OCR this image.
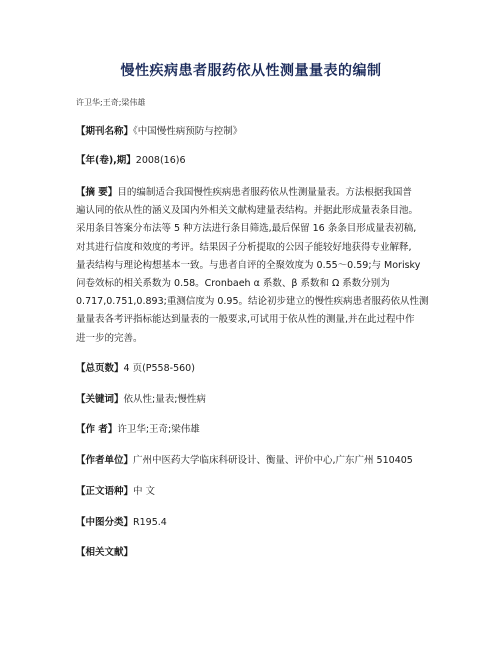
慢性疾病患者服药依从性测量量表的编制
许卫华;王奇;梁伟雄
【期刊名称】《中国慢性病预防与控制》
【年(卷),期】2008(16)6
【摘 要】目的编制适合我国慢性疾病患者服药依从性测量量表。方法根据我国普
遍认同的依从性的涵义及国内外相关文献构建量表结构。并据此形成量表条目池。
采用条目答案分布法等 5 种方法进行条目筛选,最后保留 16 条条目形成量表初稿,
对其进行信度和效度的考评。结果因子分析提取的公因子能较好地获得专业解释,
量表结构与理论构想基本一致。与患者自评的全聚效度为 0.55～0.59;与 Morisky
问卷效标的相关系数为 0.58。Cronbaeh α 系数、β 系数和 Ω 系数分别为
0.717,0.751,0.893;重测信度为 0.95。结论初步建立的慢性疾病患者服药依从性测
量量表各考评指标能达到量表的一般要求,可试用于依从性的测量,并在此过程中作
进一步的完善。
【总页数】4 页(P558-560)
【关键词】依从性;量表;慢性病
【作 者】许卫华;王奇;梁伟雄
【作者单位】广州中医药大学临床科研设计、衡量、评价中心,广东广州 510405
【正文语种】中 文
【中图分类】R195.4
【相关文献】
